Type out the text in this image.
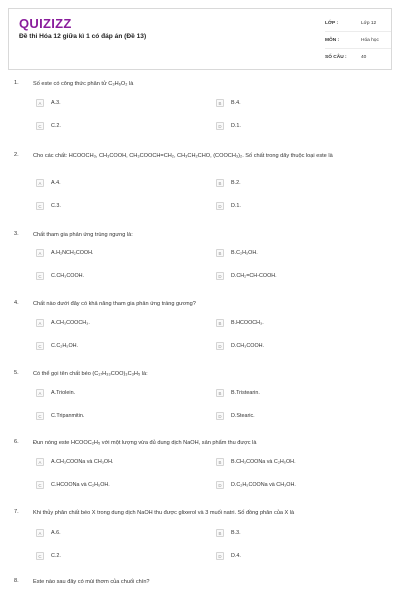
QUIZIZZ
Đề thi Hóa 12 giữa kì 1 có đáp án (Đề 13)
LỚP :	Lớp 12
MÔN :	Hóa học
SỐ CÂU :	40
1.	Số este có công thức phân tử C₃H₆O₂ là
A	A.3.	B	B.4.
C	C.2.	D	D.1.
2.	Cho các chất: HCOOCH₃, CH₃COOH, CH₃COOCH=CH₂, CH₃CH₂CHO, (COOCH₃)₂. Số chất trong dãy thuộc loại este là
A	A.4.	B	B.2.
C	C.3.	D	D.1.
3.	Chất tham gia phản ứng trùng ngưng là:
A	A.H₂NCH₂COOH.	B	B.C₂H₅OH.
C	C.CH₃COOH.	D	D.CH₂=CH-COOH.
4.	Chất nào dưới đây có khả năng tham gia phản ứng tráng gương?
A	A.CH₃COOCH₃.	B	B.HCOOCH₃.
C	C.C₂H₅OH.	D	D.CH₃COOH.
5.	Có thể gọi tên chất béo (C₁₇H₃₃COO)₃C₃H₅ là:
A	A.Triolein.	B	B.Tristearin.
C	C.Tripanmitin.	D	D.Stearic.
6.	Đun nóng este HCOOC₂H₅ với một lượng vừa đủ dung dịch NaOH, sản phẩm thu được là
A	A.CH₃COONa và CH₃OH.	B	B.CH₃COONa và C₂H₅OH.
C	C.HCOONa và C₂H₅OH.	D	D.C₂H₅COONa và CH₃OH.
7.	Khi thủy phân chất béo X trong dung dịch NaOH thu được glixerol và 3 muối natri. Số đồng phân của X là
A	A.6.	B	B.3.
C	C.2.	D	D.4.
8.	Este nào sau đây có mùi thơm của chuối chín?
